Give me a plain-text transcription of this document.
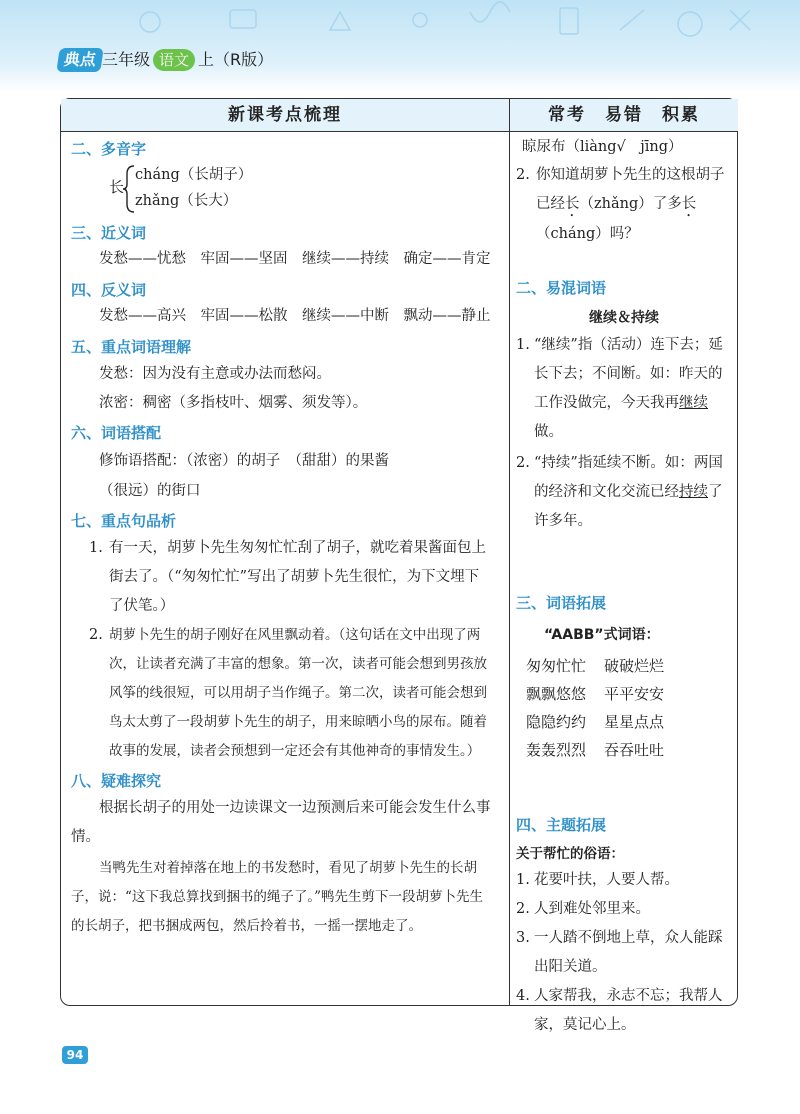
典点 三年级 语文 上（R版）
新课考点梳理
二、多音字
长
cháng（长胡子）
zhǎng（长大）
三、近义词
发愁——忧愁　牢固——坚固　继续——持续　确定——肯定
四、反义词
发愁——高兴　牢固——松散　继续——中断　飘动——静止
五、重点词语理解
发愁：因为没有主意或办法而愁闷。
浓密：稠密（多指枝叶、烟雾、须发等）。
六、词语搭配
修饰语搭配：（浓密）的胡子　（甜甜）的果酱
（很远）的街口
七、重点句品析
1. 有一天，胡萝卜先生匆匆忙忙刮了胡子，就吃着果酱面包上街去了。（“匆匆忙忙”写出了胡萝卜先生很忙，为下文埋下了伏笔。）
2. 胡萝卜先生的胡子刚好在风里飘动着。（这句话在文中出现了两次，让读者充满了丰富的想象。第一次，读者可能会想到男孩放风筝的线很短，可以用胡子当作绳子。第二次，读者可能会想到鸟太太剪了一段胡萝卜先生的胡子，用来晾晒小鸟的尿布。随着故事的发展，读者会预想到一定还会有其他神奇的事情发生。）
八、疑难探究
根据长胡子的用处一边读课文一边预测后来可能会发生什么事情。
当鸭先生对着掉落在地上的书发愁时，看见了胡萝卜先生的长胡子，说：“这下我总算找到捆书的绳子了。”鸭先生剪下一段胡萝卜先生的长胡子，把书捆成两包，然后拎着书，一摇一摆地走了。
常考　易错　积累
晾尿布（liàng√　jīng）
2. 你知道胡萝卜先生的这根胡子已经长（zhǎng）了多长（cháng）吗？
二、易混词语
继续＆持续
1. “继续”指（活动）连下去；延长下去；不间断。如：昨天的工作没做完，今天我再继续做。
2. “持续”指延续不断。如：两国的经济和文化交流已经持续了许多年。
三、词语拓展
“AABB”式词语：
匆匆忙忙 破破烂烂
飘飘悠悠 平平安安
隐隐约约 星星点点
轰轰烈烈 吞吞吐吐
四、主题拓展
关于帮忙的俗语：
1. 花要叶扶，人要人帮。
2. 人到难处邻里来。
3. 一人踏不倒地上草，众人能踩出阳关道。
4. 人家帮我，永志不忘；我帮人家，莫记心上。
94
